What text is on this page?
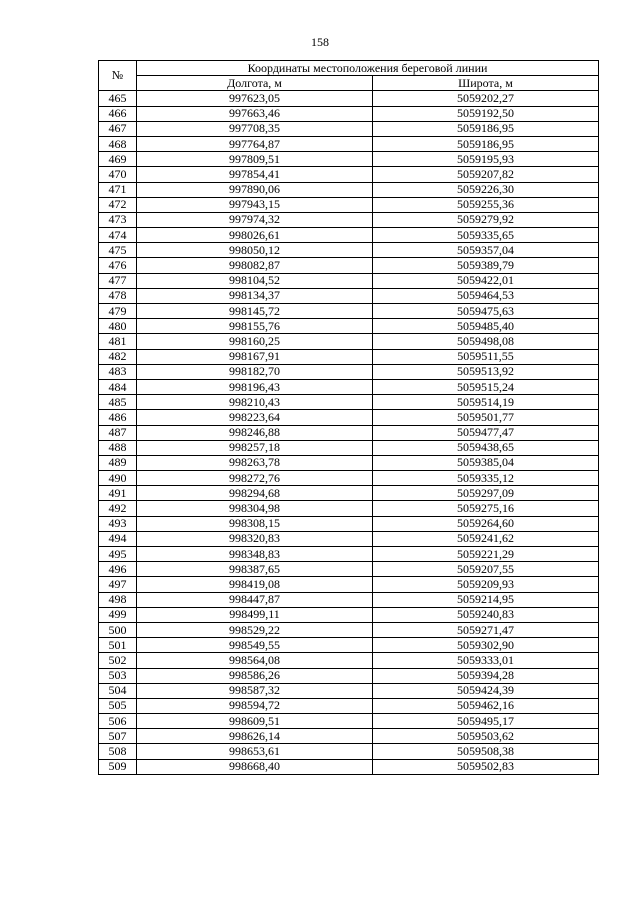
158
№	Координаты местоположения береговой линии	
	Долгота, м	Широта, м
465	997623,05	5059202,27
466	997663,46	5059192,50
467	997708,35	5059186,95
468	997764,87	5059186,95
469	997809,51	5059195,93
470	997854,41	5059207,82
471	997890,06	5059226,30
472	997943,15	5059255,36
473	997974,32	5059279,92
474	998026,61	5059335,65
475	998050,12	5059357,04
476	998082,87	5059389,79
477	998104,52	5059422,01
478	998134,37	5059464,53
479	998145,72	5059475,63
480	998155,76	5059485,40
481	998160,25	5059498,08
482	998167,91	5059511,55
483	998182,70	5059513,92
484	998196,43	5059515,24
485	998210,43	5059514,19
486	998223,64	5059501,77
487	998246,88	5059477,47
488	998257,18	5059438,65
489	998263,78	5059385,04
490	998272,76	5059335,12
491	998294,68	5059297,09
492	998304,98	5059275,16
493	998308,15	5059264,60
494	998320,83	5059241,62
495	998348,83	5059221,29
496	998387,65	5059207,55
497	998419,08	5059209,93
498	998447,87	5059214,95
499	998499,11	5059240,83
500	998529,22	5059271,47
501	998549,55	5059302,90
502	998564,08	5059333,01
503	998586,26	5059394,28
504	998587,32	5059424,39
505	998594,72	5059462,16
506	998609,51	5059495,17
507	998626,14	5059503,62
508	998653,61	5059508,38
509	998668,40	5059502,83
